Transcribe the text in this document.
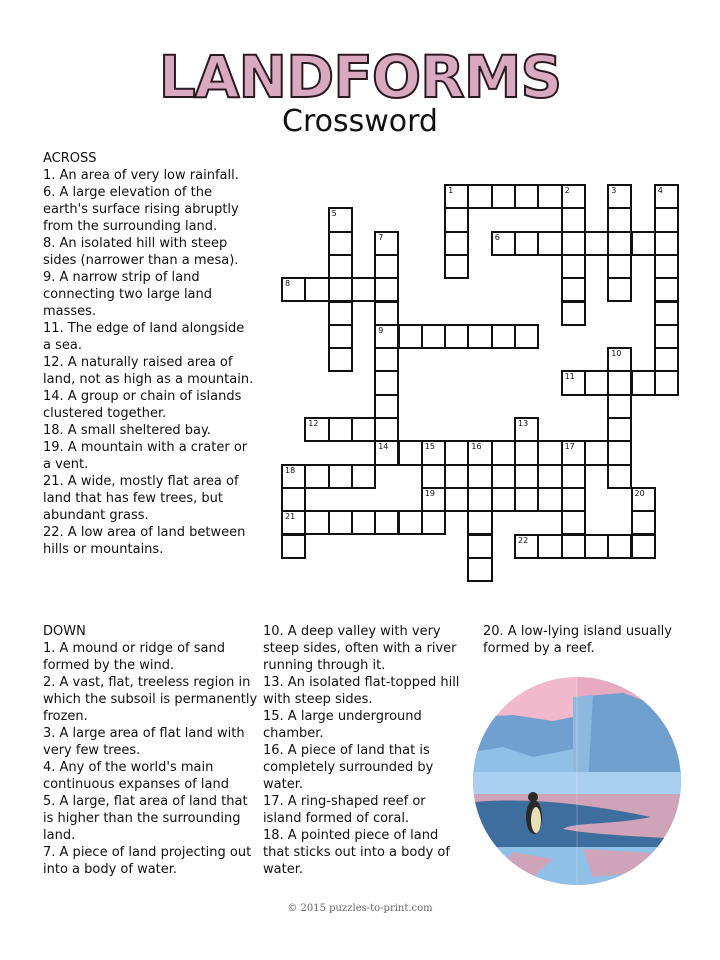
LANDFORMS
Crossword
ACROSS
1. An area of very low rainfall.
6. A large elevation of the earth's surface rising abruptly from the surrounding land.
8. An isolated hill with steep sides (narrower than a mesa).
9. A narrow strip of land connecting two large land masses.
11. The edge of land alongside a sea.
12. A naturally raised area of land, not as high as a mountain.
14. A group or chain of islands clustered together.
18. A small sheltered bay.
19. A mountain with a crater or a vent.
21. A wide, mostly flat area of land that has few trees, but abundant grass.
22. A low area of land between hills or mountains.
DOWN
1. A mound or ridge of sand formed by the wind.
2. A vast, flat, treeless region in which the subsoil is permanently frozen.
3. A large area of flat land with very few trees.
4. Any of the world's main continuous expanses of land
5. A large, flat area of land that is higher than the surrounding land.
7. A piece of land projecting out into a body of water.
10. A deep valley with very steep sides, often with a river running through it.
13. An isolated flat-topped hill with steep sides.
15. A large underground chamber.
16. A piece of land that is completely surrounded by water.
17. A ring-shaped reef or island formed of coral.
18. A pointed piece of land that sticks out into a body of water.
20. A low-lying island usually formed by a reef.
1	2	3	4
5
7	6
8
9
10
11
12	13
14	15	16	17
18
19	20
21
22
© 2015 puzzles-to-print.com
